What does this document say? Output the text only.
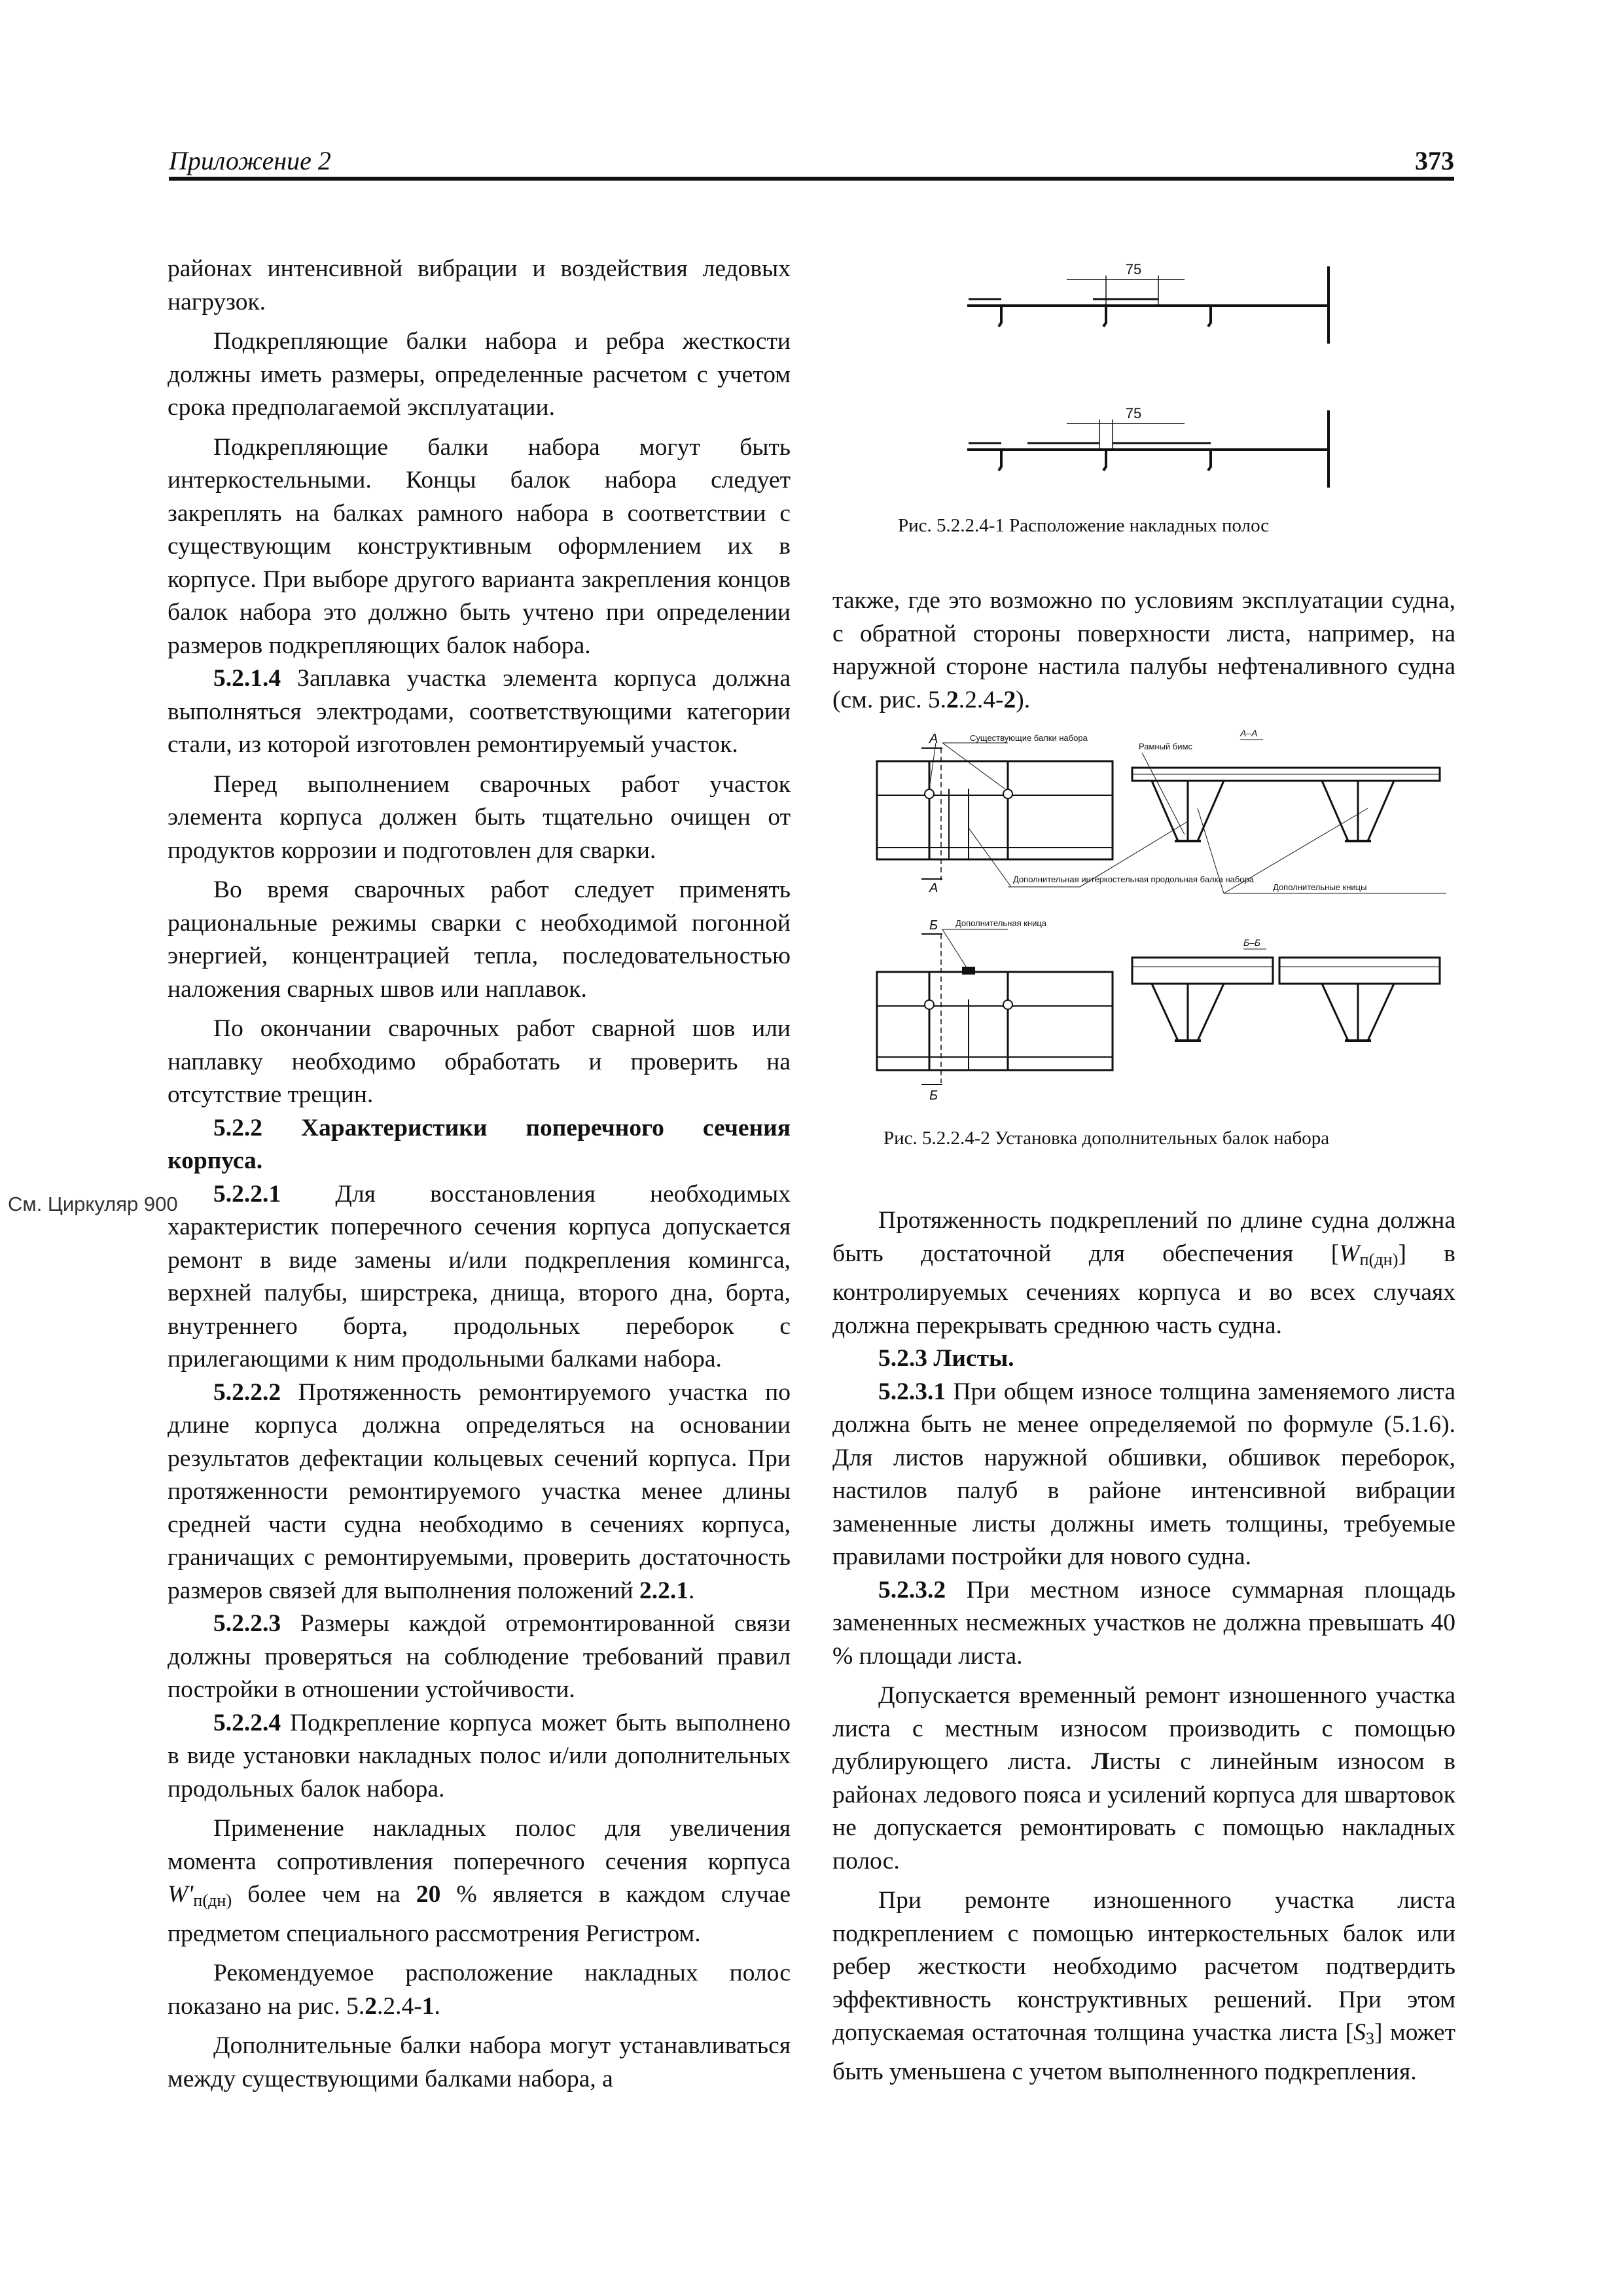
Приложение 2	373
См. Циркуляр 900

районах интенсивной вибрации и воздействия ледовых нагрузок.

Подкрепляющие балки набора и ребра жесткости должны иметь размеры, определенные расчетом с учетом срока предполагаемой эксплуатации.

Подкрепляющие балки набора могут быть интеркостельными. Концы балок набора следует закреплять на балках рамного набора в соответствии с существующим конструктивным оформлением их в корпусе. При выборе другого варианта закрепления концов балок набора это должно быть учтено при определении размеров подкрепляющих балок набора.

5.2.1.4 Заплавка участка элемента корпуса должна выполняться электродами, соответствующими категории стали, из которой изготовлен ремонтируемый участок.

Перед выполнением сварочных работ участок элемента корпуса должен быть тщательно очищен от продуктов коррозии и подготовлен для сварки.

Во время сварочных работ следует применять рациональные режимы сварки с необходимой погонной энергией, концентрацией тепла, последовательностью наложения сварных швов или наплавок.

По окончании сварочных работ сварной шов или наплавку необходимо обработать и проверить на отсутствие трещин.

5.2.2 Характеристики поперечного сечения корпуса.

5.2.2.1 Для восстановления необходимых характеристик поперечного сечения корпуса допускается ремонт в виде замены и/или подкрепления комингса, верхней палубы, ширстрека, днища, второго дна, борта, внутреннего борта, продольных переборок с прилегающими к ним продольными балками набора.

5.2.2.2 Протяженность ремонтируемого участка по длине корпуса должна определяться на основании результатов дефектации кольцевых сечений корпуса. При протяженности ремонтируемого участка менее длины средней части судна необходимо в сечениях корпуса, граничащих с ремонтируемыми, проверить достаточность размеров связей для выполнения положений 2.2.1.

5.2.2.3 Размеры каждой отремонтированной связи должны проверяться на соблюдение требований правил постройки в отношении устойчивости.

5.2.2.4 Подкрепление корпуса может быть выполнено в виде установки накладных полос и/или дополнительных продольных балок набора.

Применение накладных полос для увеличения момента сопротивления поперечного сечения корпуса $W'_{п(дн)}$ более чем на 20 % является в каждом случае предметом специального рассмотрения Регистром.

Рекомендуемое расположение накладных полос показано на рис. 5.2.2.4-1.

Дополнительные балки набора могут устанавливаться между существующими балками набора, а

75
75
Рис. 5.2.2.4-1 Расположение накладных полос

также, где это возможно по условиям эксплуатации судна, с обратной стороны поверхности листа, например, на наружной стороне настила палубы нефтеналивного судна (см. рис. 5.2.2.4-2).

A
A
Существующие балки набора	A–A
Рамный бимс
Дополнительная интеркостельная продольная балка набора
Дополнительные кницы
Б
Б
Дополнительная кница
Б–Б
Рис. 5.2.2.4-2 Установка дополнительных балок набора

Протяженность подкреплений по длине судна должна быть достаточной для обеспечения $[W_{п(дн)}]$ в контролируемых сечениях корпуса и во всех случаях должна перекрывать среднюю часть судна.

5.2.3 Листы.

5.2.3.1 При общем износе толщина заменяемого листа должна быть не менее определяемой по формуле (5.1.6). Для листов наружной обшивки, обшивок переборок, настилов палуб в районе интенсивной вибрации замененные листы должны иметь толщины, требуемые правилами постройки для нового судна.

5.2.3.2 При местном износе суммарная площадь замененных несмежных участков не должна превышать 40 % площади листа.

Допускается временный ремонт изношенного участка листа с местным износом производить с помощью дублирующего листа. Листы с линейным износом в районах ледового пояса и усилений корпуса для швартовок не допускается ремонтировать с помощью накладных полос.

При ремонте изношенного участка листа подкреплением с помощью интеркостельных балок или ребер жесткости необходимо расчетом подтвердить эффективность конструктивных решений. При этом допускаемая остаточная толщина участка листа $[S_3]$ может быть уменьшена с учетом выполненного подкрепления.
